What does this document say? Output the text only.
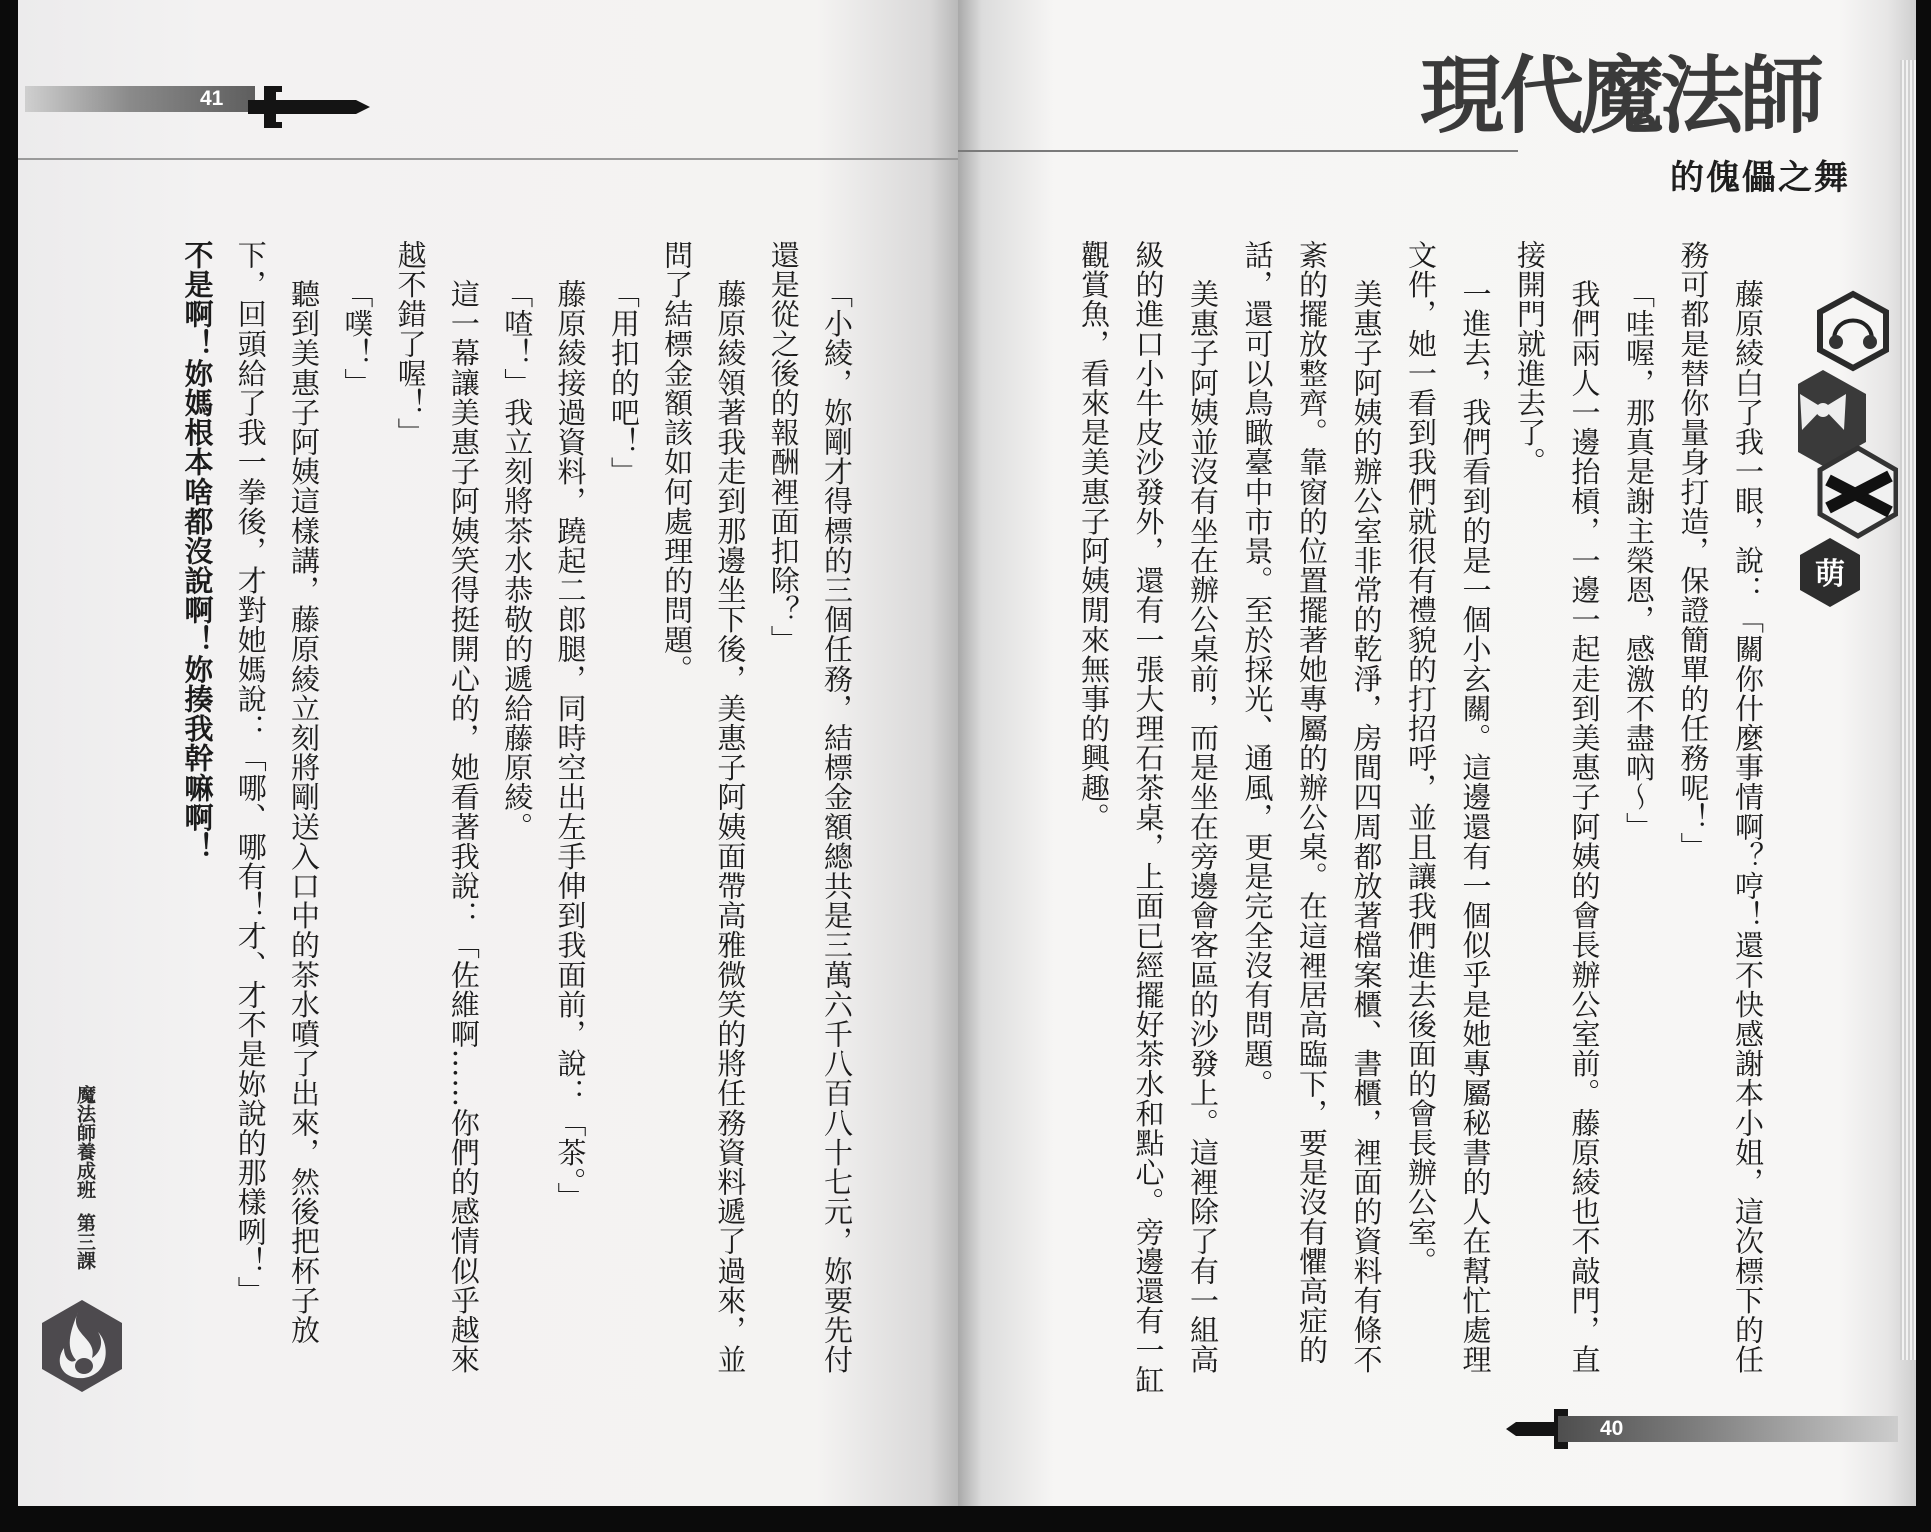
41
「小綾，妳剛才得標的三個任務，結標金額總共是三萬六千八百八十七元，妳要先付
還是從之後的報酬裡面扣除？」
藤原綾領著我走到那邊坐下後，美惠子阿姨面帶高雅微笑的將任務資料遞了過來，並
問了結標金額該如何處理的問題。
「用扣的吧！」
藤原綾接過資料，蹺起二郎腿，同時空出左手伸到我面前，說：「茶。」
「喳！」我立刻將茶水恭敬的遞給藤原綾。
這一幕讓美惠子阿姨笑得挺開心的，她看著我說：「佐維啊……你們的感情似乎越來
越不錯了喔！」
「噗！」
聽到美惠子阿姨這樣講，藤原綾立刻將剛送入口中的茶水噴了出來，然後把杯子放
下，回頭給了我一拳後，才對她媽說：「哪、哪有！才、才不是妳說的那樣咧！」
不是啊！妳媽根本啥都沒說啊！妳揍我幹嘛啊！
魔法師養成班第三課
現代魔法師
的傀儡之舞
萌
藤原綾白了我一眼，說：「關你什麼事情啊？哼！還不快感謝本小姐，這次標下的任
務可都是替你量身打造，保證簡單的任務呢！」
「哇喔，那真是謝主榮恩，感激不盡吶～」
我們兩人一邊抬槓，一邊一起走到美惠子阿姨的會長辦公室前。藤原綾也不敲門，直
接開門就進去了。
一進去，我們看到的是一個小玄關。這邊還有一個似乎是她專屬秘書的人在幫忙處理
文件，她一看到我們就很有禮貌的打招呼，並且讓我們進去後面的會長辦公室。
美惠子阿姨的辦公室非常的乾淨，房間四周都放著檔案櫃、書櫃，裡面的資料有條不
紊的擺放整齊。靠窗的位置擺著她專屬的辦公桌。在這裡居高臨下，要是沒有懼高症的
話，還可以鳥瞰臺中市景。至於採光、通風，更是完全沒有問題。
美惠子阿姨並沒有坐在辦公桌前，而是坐在旁邊會客區的沙發上。這裡除了有一組高
級的進口小牛皮沙發外，還有一張大理石茶桌，上面已經擺好茶水和點心。旁邊還有一缸
觀賞魚，看來是美惠子阿姨閒來無事的興趣。
40
